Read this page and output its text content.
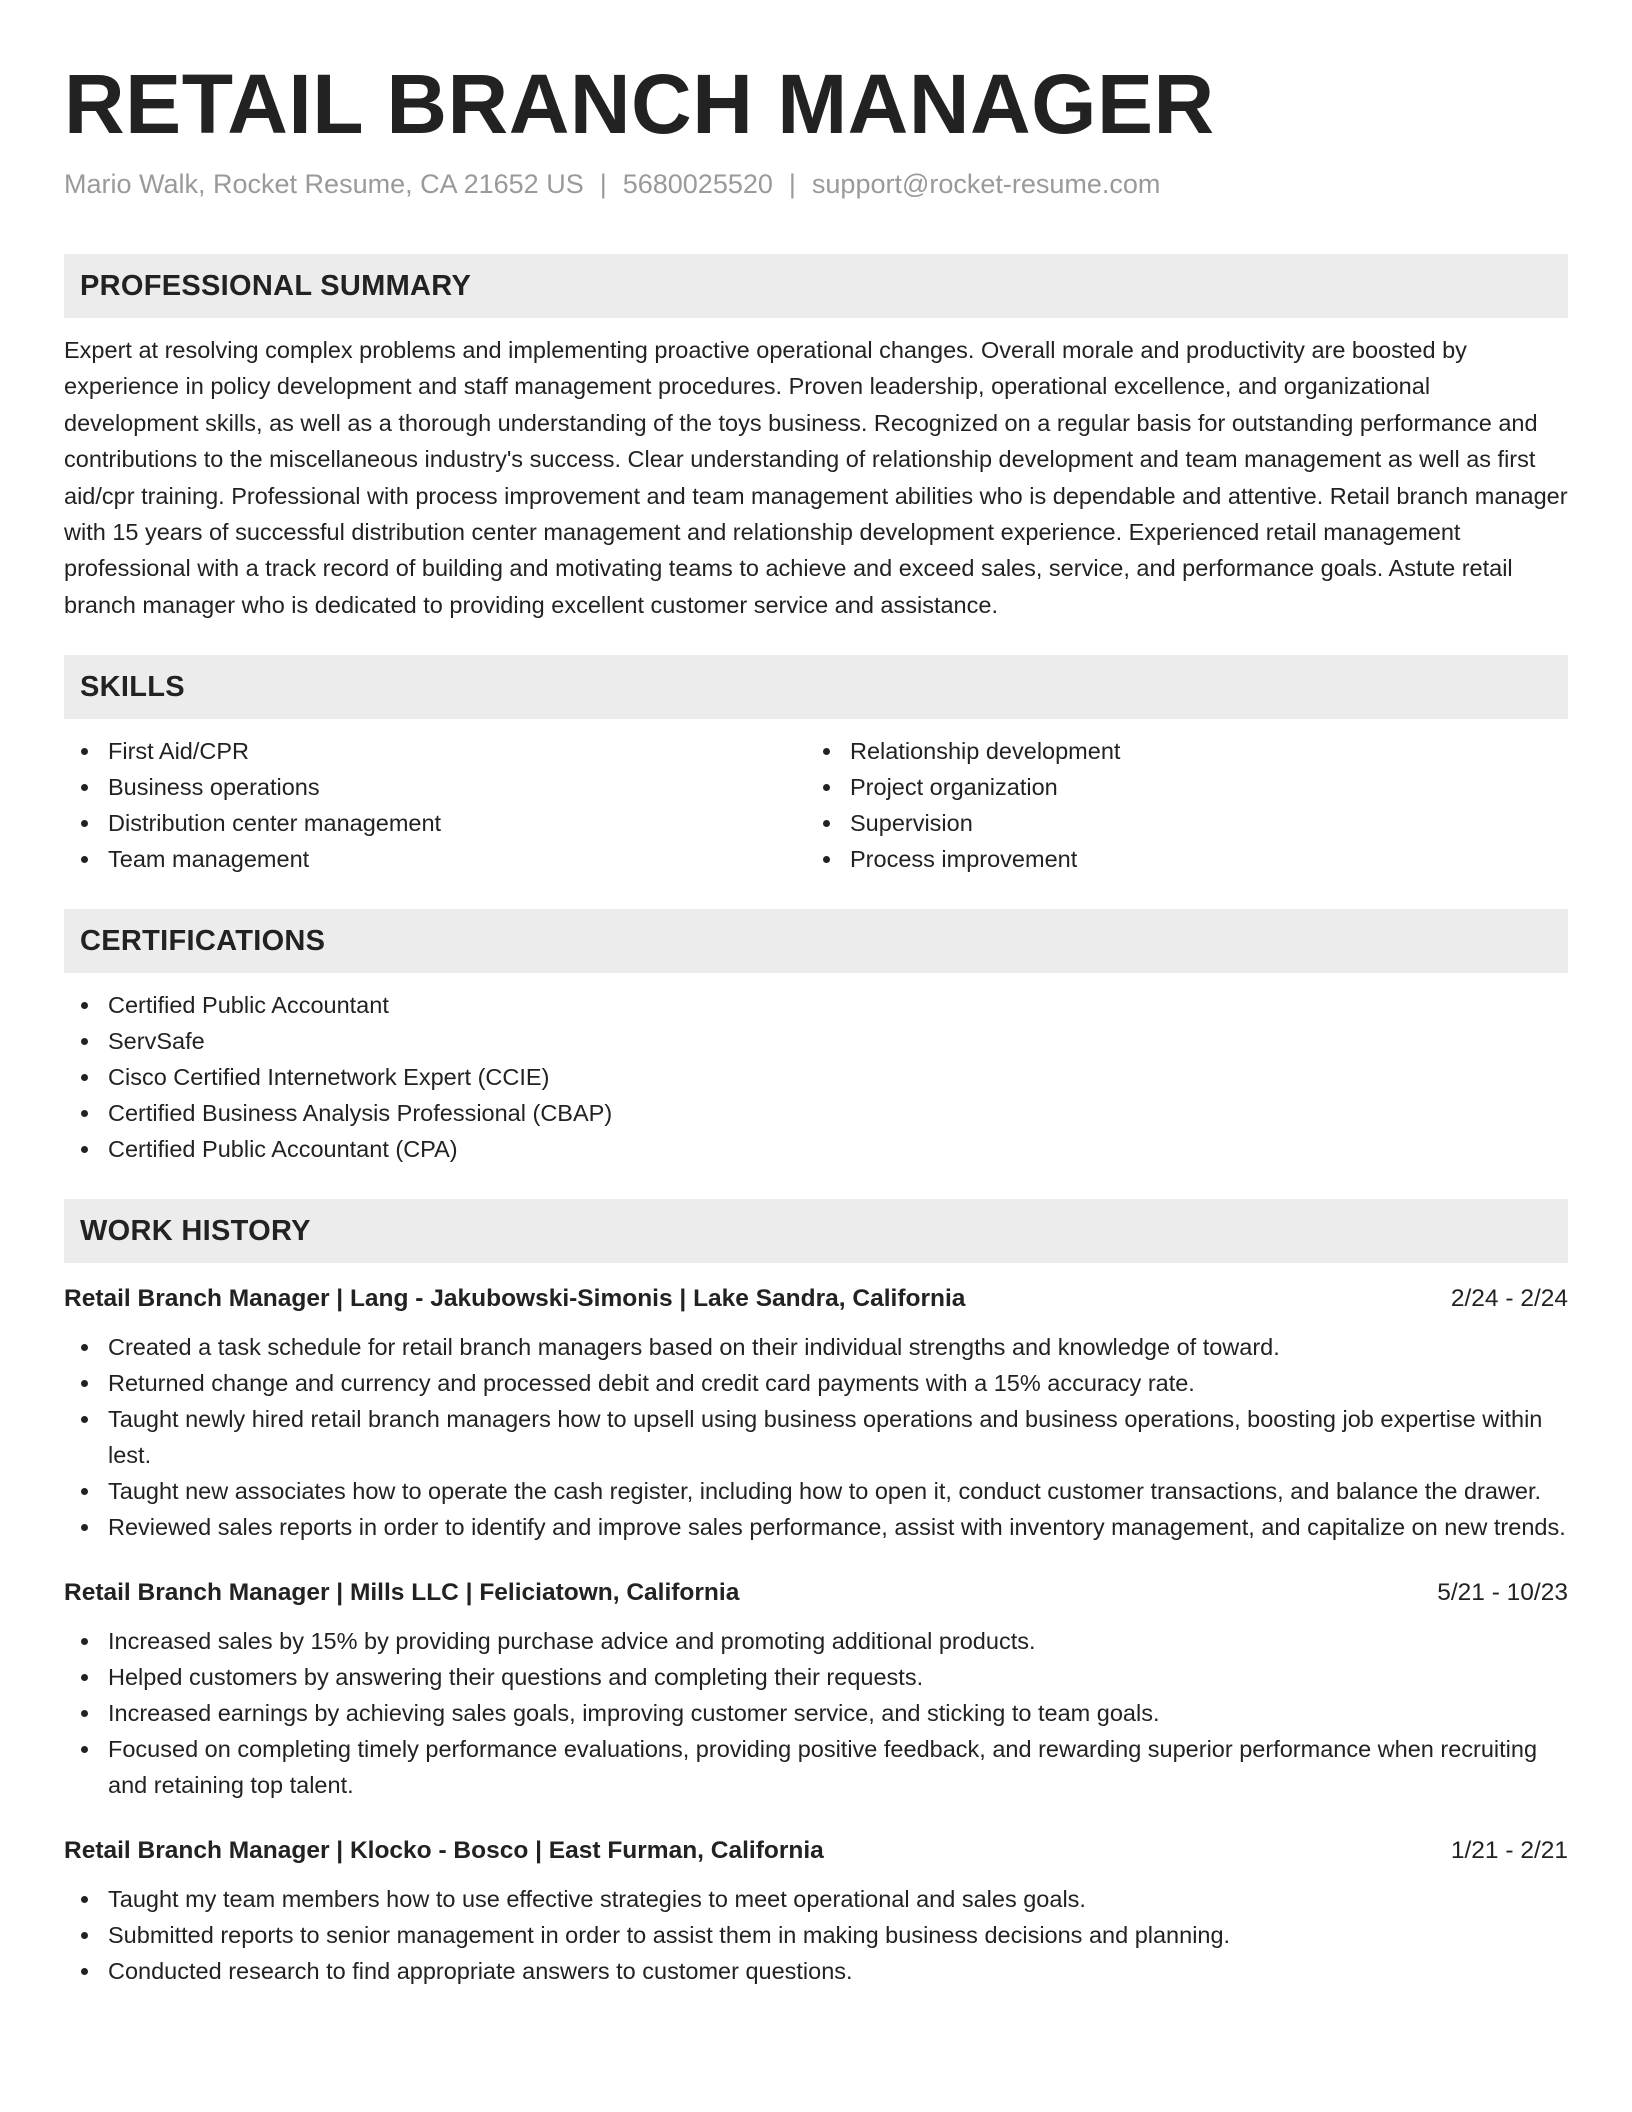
RETAIL BRANCH MANAGER
Mario Walk, Rocket Resume, CA 21652 US | 5680025520 | support@rocket-resume.com
PROFESSIONAL SUMMARY
Expert at resolving complex problems and implementing proactive operational changes. Overall morale and productivity are boosted by experience in policy development and staff management procedures. Proven leadership, operational excellence, and organizational development skills, as well as a thorough understanding of the toys business. Recognized on a regular basis for outstanding performance and contributions to the miscellaneous industry's success. Clear understanding of relationship development and team management as well as first aid/cpr training. Professional with process improvement and team management abilities who is dependable and attentive. Retail branch manager with 15 years of successful distribution center management and relationship development experience. Experienced retail management professional with a track record of building and motivating teams to achieve and exceed sales, service, and performance goals. Astute retail branch manager who is dedicated to providing excellent customer service and assistance.
SKILLS
First Aid/CPR
Business operations
Distribution center management
Team management
Relationship development
Project organization
Supervision
Process improvement
CERTIFICATIONS
Certified Public Accountant
ServSafe
Cisco Certified Internetwork Expert (CCIE)
Certified Business Analysis Professional (CBAP)
Certified Public Accountant (CPA)
WORK HISTORY
Retail Branch Manager | Lang - Jakubowski-Simonis | Lake Sandra, California	2/24 - 2/24
Created a task schedule for retail branch managers based on their individual strengths and knowledge of toward.
Returned change and currency and processed debit and credit card payments with a 15% accuracy rate.
Taught newly hired retail branch managers how to upsell using business operations and business operations, boosting job expertise within lest.
Taught new associates how to operate the cash register, including how to open it, conduct customer transactions, and balance the drawer.
Reviewed sales reports in order to identify and improve sales performance, assist with inventory management, and capitalize on new trends.
Retail Branch Manager | Mills LLC | Feliciatown, California	5/21 - 10/23
Increased sales by 15% by providing purchase advice and promoting additional products.
Helped customers by answering their questions and completing their requests.
Increased earnings by achieving sales goals, improving customer service, and sticking to team goals.
Focused on completing timely performance evaluations, providing positive feedback, and rewarding superior performance when recruiting and retaining top talent.
Retail Branch Manager | Klocko - Bosco | East Furman, California	1/21 - 2/21
Taught my team members how to use effective strategies to meet operational and sales goals.
Submitted reports to senior management in order to assist them in making business decisions and planning.
Conducted research to find appropriate answers to customer questions.
